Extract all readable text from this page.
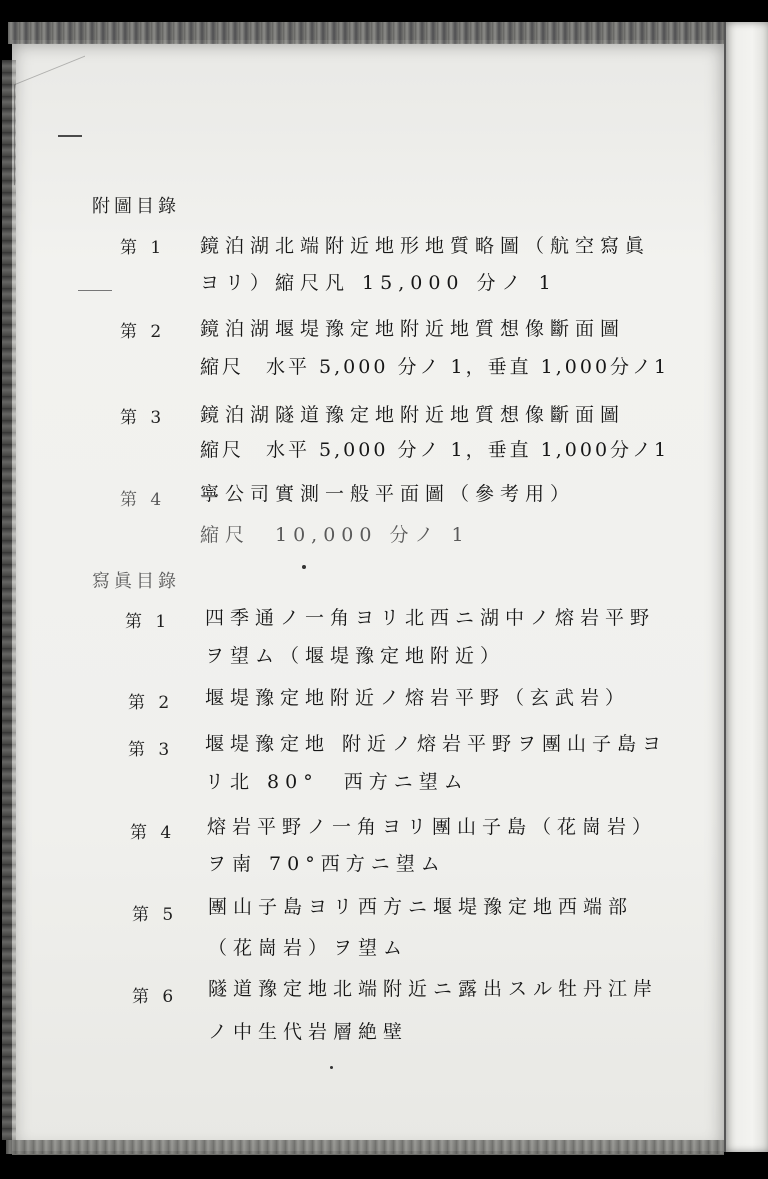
附圖目錄
第 1 鏡泊湖北端附近地形地質略圖（航空寫眞
ヨリ）縮尺凡 15,000 分ノ 1
第 2 鏡泊湖堰堤豫定地附近地質想像斷面圖
縮尺　水平 5,000 分ノ 1，垂直 1,000分ノ1
第 3 鏡泊湖隧道豫定地附近地質想像斷面圖
縮尺　水平 5,000 分ノ 1，垂直 1,000分ノ1
第 4 寧公司實測一般平面圖（參考用）
縮尺　10,000 分ノ 1
寫眞目錄
第 1 四季通ノ一角ヨリ北西ニ湖中ノ熔岩平野
ヲ望ム（堰堤豫定地附近）
第 2 堰堤豫定地附近ノ熔岩平野（玄武岩）
第 3 堰堤豫定地 附近ノ熔岩平野ヲ團山子島ヨ
リ北 80°　西方ニ望ム
第 4 熔岩平野ノ一角ヨリ團山子島（花崗岩）
ヲ南 70°西方ニ望ム
第 5 團山子島ヨリ西方ニ堰堤豫定地西端部
（花崗岩）ヲ望ム
第 6 隧道豫定地北端附近ニ露出スル牡丹江岸
ノ中生代岩層絶壁
